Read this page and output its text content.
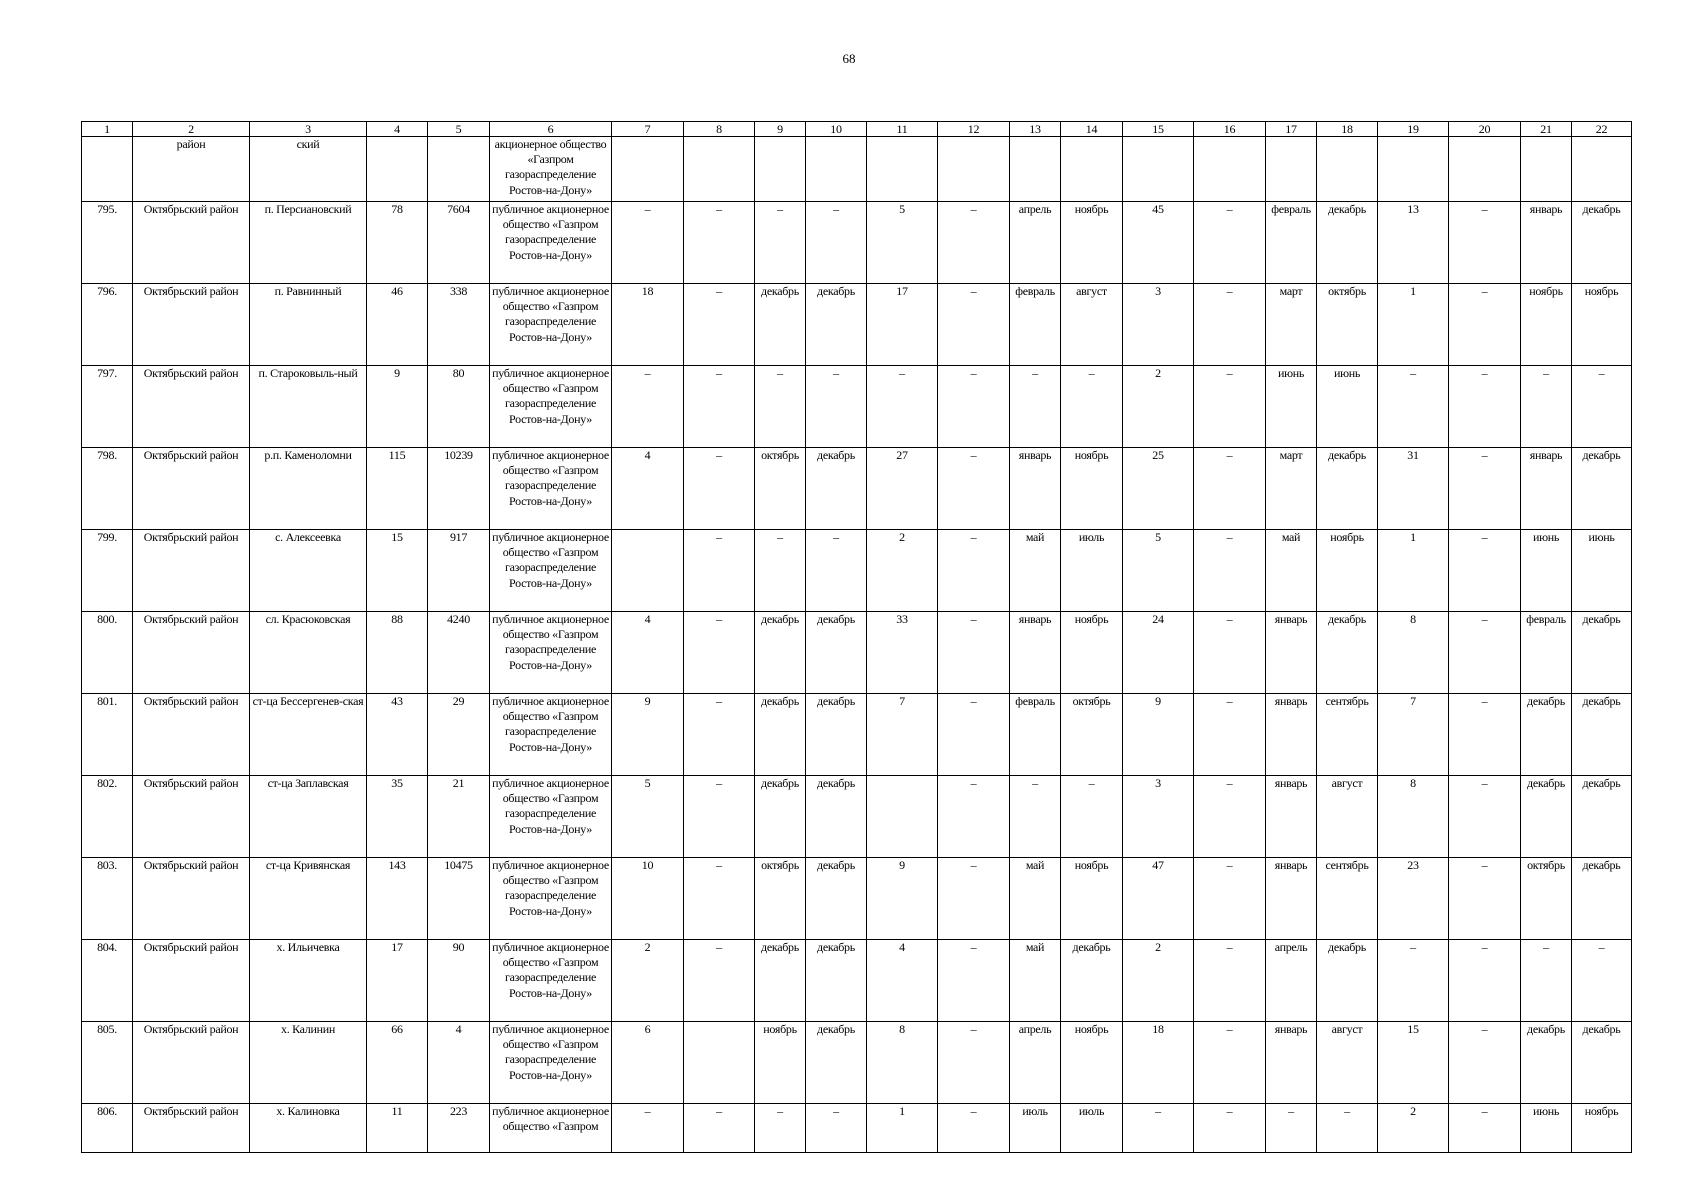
68
1	2	3	4	5	6	7	8	9	10	11	12	13	14	15	16	17	18	19	20	21	22
	район	ский			акционерное общество «Газпром газораспределение Ростов-на-Дону»																
795.	Октябрьский район	п. Персиановский	78	7604	публичное акционерное общество «Газпром газораспределение Ростов-на-Дону»	–	–	–	–	5	–	апрель	ноябрь	45	–	февраль	декабрь	13	–	январь	декабрь
796.	Октябрьский район	п. Равнинный	46	338	публичное акционерное общество «Газпром газораспределение Ростов-на-Дону»	18	–	декабрь	декабрь	17	–	февраль	август	3	–	март	октябрь	1	–	ноябрь	ноябрь
797.	Октябрьский район	п. Староковыль-ный	9	80	публичное акционерное общество «Газпром газораспределение Ростов-на-Дону»	–	–	–	–	–	–	–	–	2	–	июнь	июнь	–	–	–	–
798.	Октябрьский район	р.п. Каменоломни	115	10239	публичное акционерное общество «Газпром газораспределение Ростов-на-Дону»	4	–	октябрь	декабрь	27	–	январь	ноябрь	25	–	март	декабрь	31	–	январь	декабрь
799.	Октябрьский район	с. Алексеевка	15	917	публичное акционерное общество «Газпром газораспределение Ростов-на-Дону»		–	–	–	2	–	май	июль	5	–	май	ноябрь	1	–	июнь	июнь
800.	Октябрьский район	сл. Красюковская	88	4240	публичное акционерное общество «Газпром газораспределение Ростов-на-Дону»	4	–	декабрь	декабрь	33	–	январь	ноябрь	24	–	январь	декабрь	8	–	февраль	декабрь
801.	Октябрьский район	ст-ца Бессергенев-ская	43	29	публичное акционерное общество «Газпром газораспределение Ростов-на-Дону»	9	–	декабрь	декабрь	7	–	февраль	октябрь	9	–	январь	сентябрь	7	–	декабрь	декабрь
802.	Октябрьский район	ст-ца Заплавская	35	21	публичное акционерное общество «Газпром газораспределение Ростов-на-Дону»	5	–	декабрь	декабрь		–	–	–	3	–	январь	август	8	–	декабрь	декабрь
803.	Октябрьский район	ст-ца Кривянская	143	10475	публичное акционерное общество «Газпром газораспределение Ростов-на-Дону»	10	–	октябрь	декабрь	9	–	май	ноябрь	47	–	январь	сентябрь	23	–	октябрь	декабрь
804.	Октябрьский район	х. Ильичевка	17	90	публичное акционерное общество «Газпром газораспределение Ростов-на-Дону»	2	–	декабрь	декабрь	4	–	май	декабрь	2	–	апрель	декабрь	–	–	–	–
805.	Октябрьский район	х. Калинин	66	4	публичное акционерное общество «Газпром газораспределение Ростов-на-Дону»	6		ноябрь	декабрь	8	–	апрель	ноябрь	18	–	январь	август	15	–	декабрь	декабрь
806.	Октябрьский район	х. Калиновка	11	223	публичное акционерное общество «Газпром	–	–	–	–	1	–	июль	июль	–	–	–	–	2	–	июнь	ноябрь
